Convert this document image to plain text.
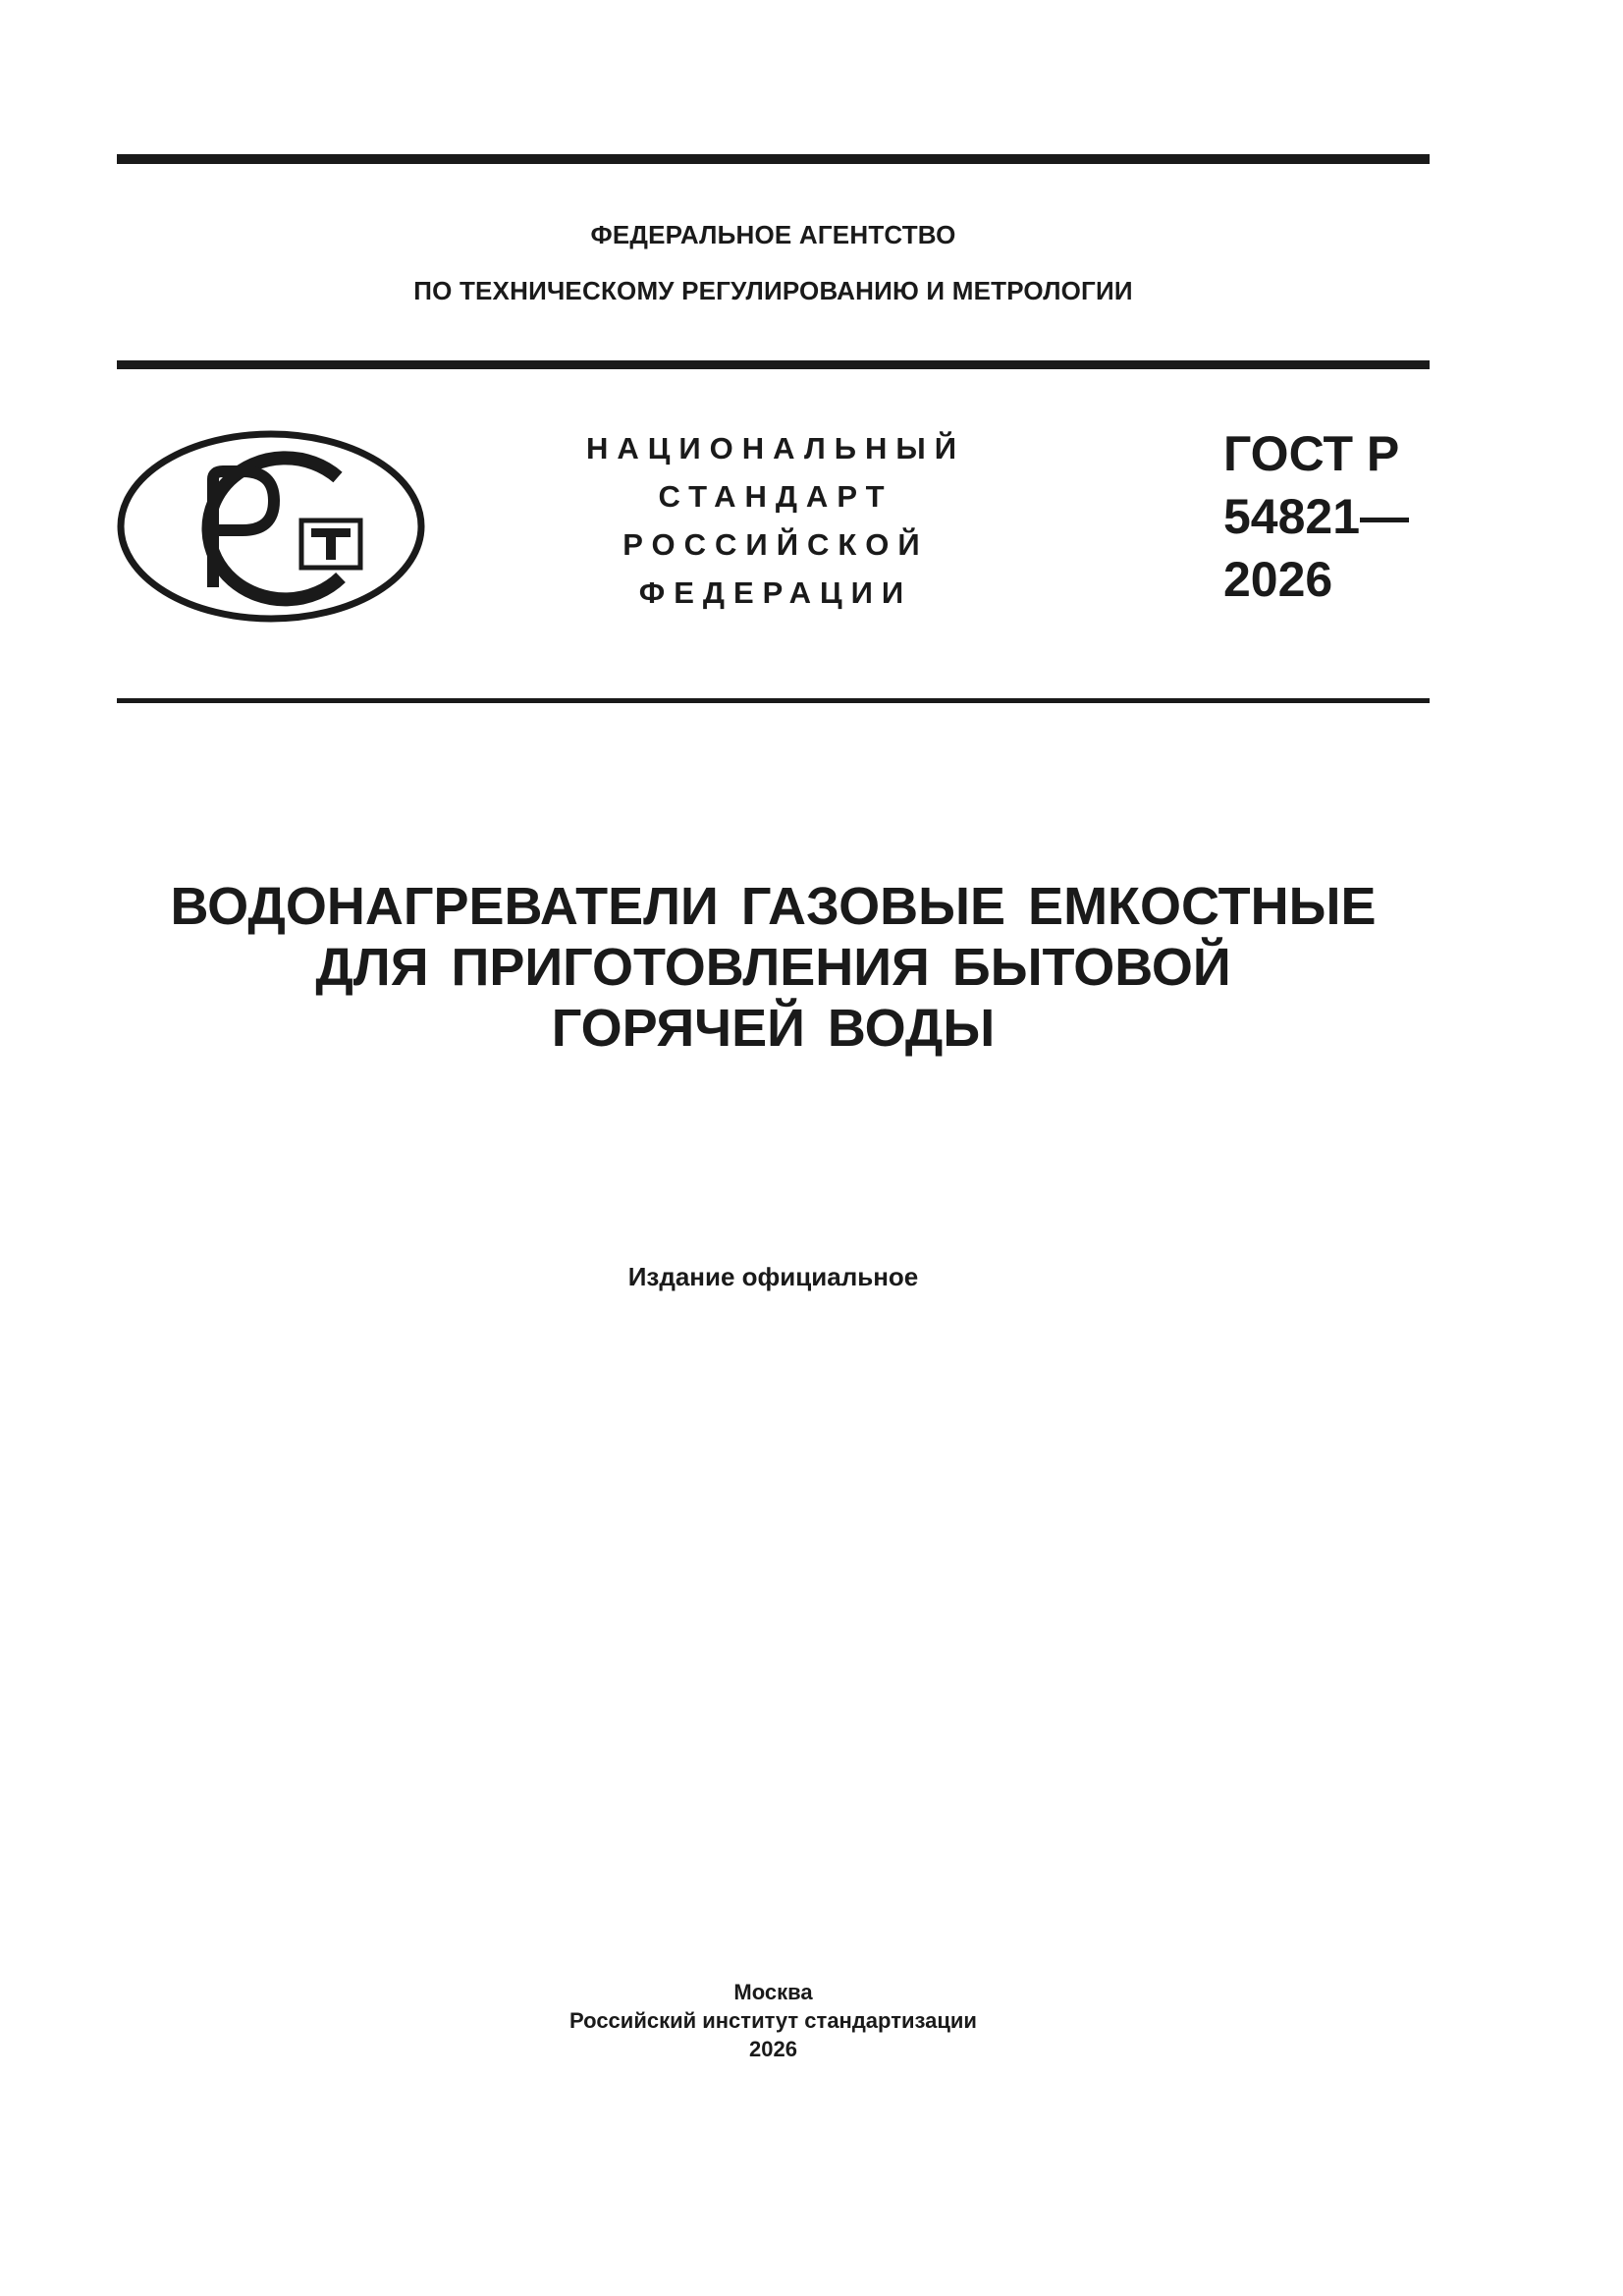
ФЕДЕРАЛЬНОЕ АГЕНТСТВО
ПО ТЕХНИЧЕСКОМУ РЕГУЛИРОВАНИЮ И МЕТРОЛОГИИ
НАЦИОНАЛЬНЫЙ
СТАНДАРТ
РОССИЙСКОЙ
ФЕДЕРАЦИИ
ГОСТ Р
54821—
2026
ВОДОНАГРЕВАТЕЛИ ГАЗОВЫЕ ЕМКОСТНЫЕ
ДЛЯ ПРИГОТОВЛЕНИЯ БЫТОВОЙ
ГОРЯЧЕЙ ВОДЫ
Издание официальное
Москва
Российский институт стандартизации
2026
